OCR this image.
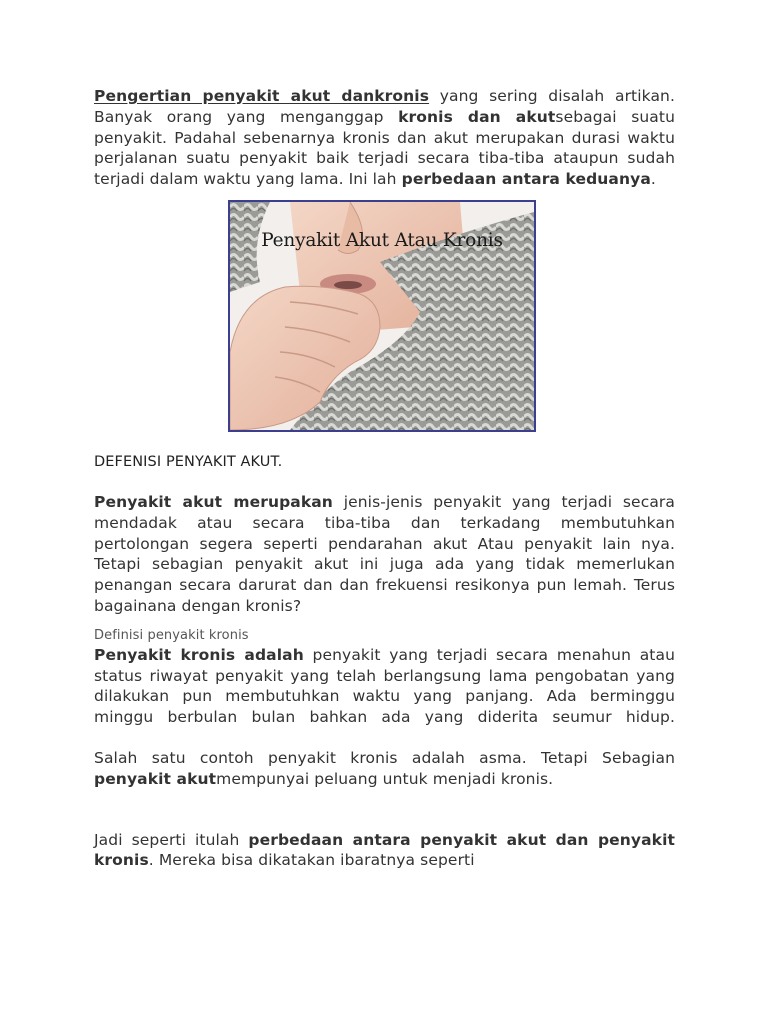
Pengertian penyakit akut dankronis yang sering disalah artikan. Banyak orang yang menganggap kronis dan akutsebagai suatu penyakit. Padahal sebenarnya kronis dan akut merupakan durasi waktu perjalanan suatu penyakit baik terjadi secara tiba-tiba ataupun sudah terjadi dalam waktu yang lama. Ini lah perbedaan antara keduanya.

Penyakit Akut Atau Kronis

DEFENISI PENYAKIT AKUT.

Penyakit akut merupakan jenis-jenis penyakit yang terjadi secara mendadak atau secara tiba-tiba dan terkadang membutuhkan pertolongan segera seperti pendarahan akut Atau penyakit lain nya. Tetapi sebagian penyakit akut ini juga ada yang tidak memerlukan penangan secara darurat dan dan frekuensi resikonya pun lemah. Terus bagainana dengan kronis?

Definisi penyakit kronis

Penyakit kronis adalah penyakit yang terjadi secara menahun atau status riwayat penyakit yang telah berlangsung lama pengobatan yang dilakukan pun membutuhkan waktu yang panjang. Ada berminggu minggu berbulan bulan bahkan ada yang diderita seumur hidup.

Salah satu contoh penyakit kronis adalah asma. Tetapi Sebagian penyakit akutmempunyai peluang untuk menjadi kronis.

Jadi seperti itulah perbedaan antara penyakit akut dan penyakit kronis. Mereka bisa dikatakan ibaratnya seperti
